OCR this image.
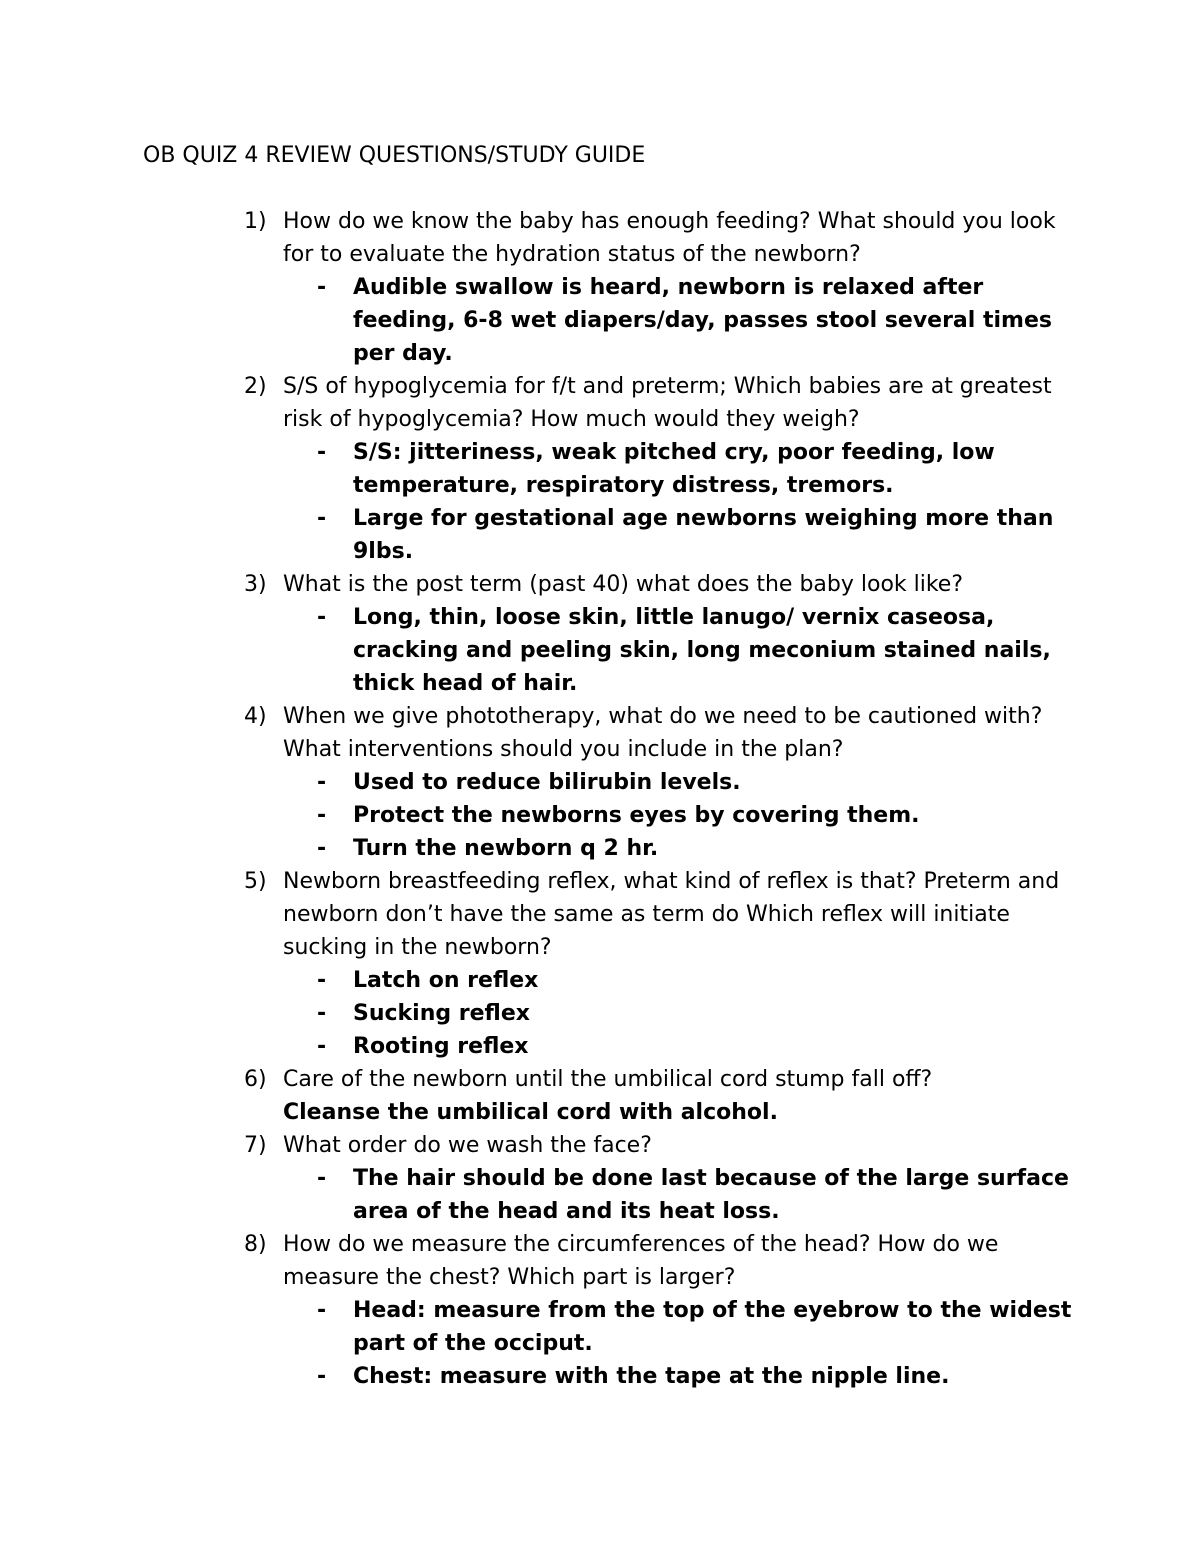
OB QUIZ 4 REVIEW QUESTIONS/STUDY GUIDE
1) How do we know the baby has enough feeding? What should you look for to evaluate the hydration status of the newborn?
- Audible swallow is heard, newborn is relaxed after feeding, 6-8 wet diapers/day, passes stool several times per day.
2) S/S of hypoglycemia for f/t and preterm; Which babies are at greatest risk of hypoglycemia? How much would they weigh?
- S/S: jitteriness, weak pitched cry, poor feeding, low temperature, respiratory distress, tremors.
- Large for gestational age newborns weighing more than 9lbs.
3) What is the post term (past 40) what does the baby look like?
- Long, thin, loose skin, little lanugo/ vernix caseosa, cracking and peeling skin, long meconium stained nails, thick head of hair.
4) When we give phototherapy, what do we need to be cautioned with? What interventions should you include in the plan?
- Used to reduce bilirubin levels.
- Protect the newborns eyes by covering them.
- Turn the newborn q 2 hr.
5) Newborn breastfeeding reflex, what kind of reflex is that? Preterm and newborn don’t have the same as term do Which reflex will initiate sucking in the newborn?
- Latch on reflex
- Sucking reflex
- Rooting reflex
6) Care of the newborn until the umbilical cord stump fall off?
Cleanse the umbilical cord with alcohol.
7) What order do we wash the face?
- The hair should be done last because of the large surface area of the head and its heat loss.
8) How do we measure the circumferences of the head? How do we measure the chest? Which part is larger?
- Head: measure from the top of the eyebrow to the widest part of the occiput.
- Chest: measure with the tape at the nipple line.
